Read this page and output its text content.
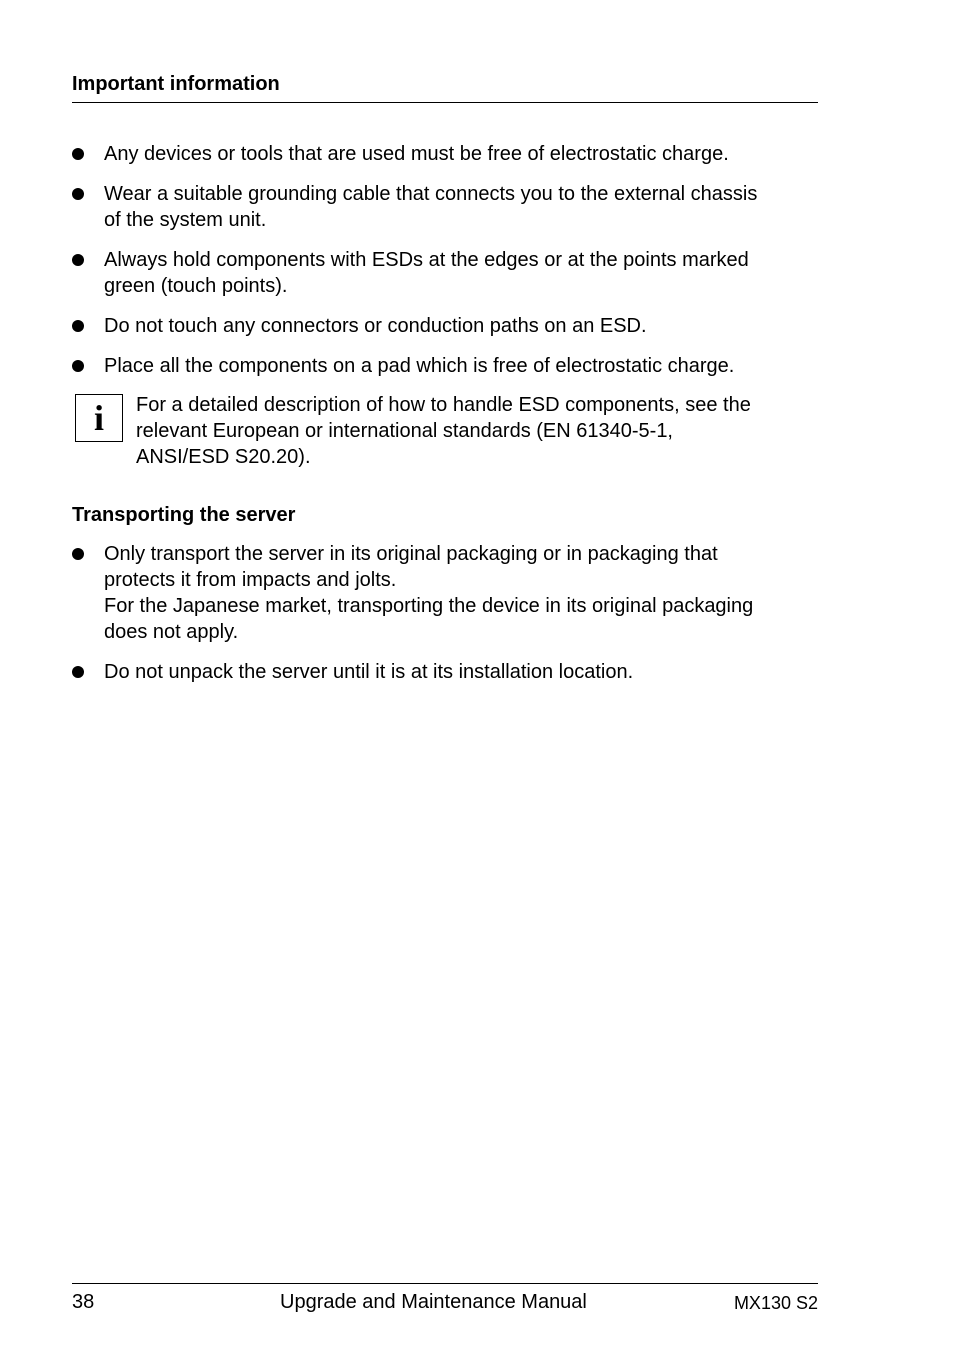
Important information
Any devices or tools that are used must be free of electrostatic charge.
Wear a suitable grounding cable that connects you to the external chassis
of the system unit.
Always hold components with ESDs at the edges or at the points marked
green (touch points).
Do not touch any connectors or conduction paths on an ESD.
Place all the components on a pad which is free of electrostatic charge.
i For a detailed description of how to handle ESD components, see the
relevant European or international standards (EN 61340-5-1,
ANSI/ESD S20.20).
Transporting the server
Only transport the server in its original packaging or in packaging that
protects it from impacts and jolts.
For the Japanese market, transporting the device in its original packaging
does not apply.
Do not unpack the server until it is at its installation location.
38	Upgrade and Maintenance Manual	MX130 S2
